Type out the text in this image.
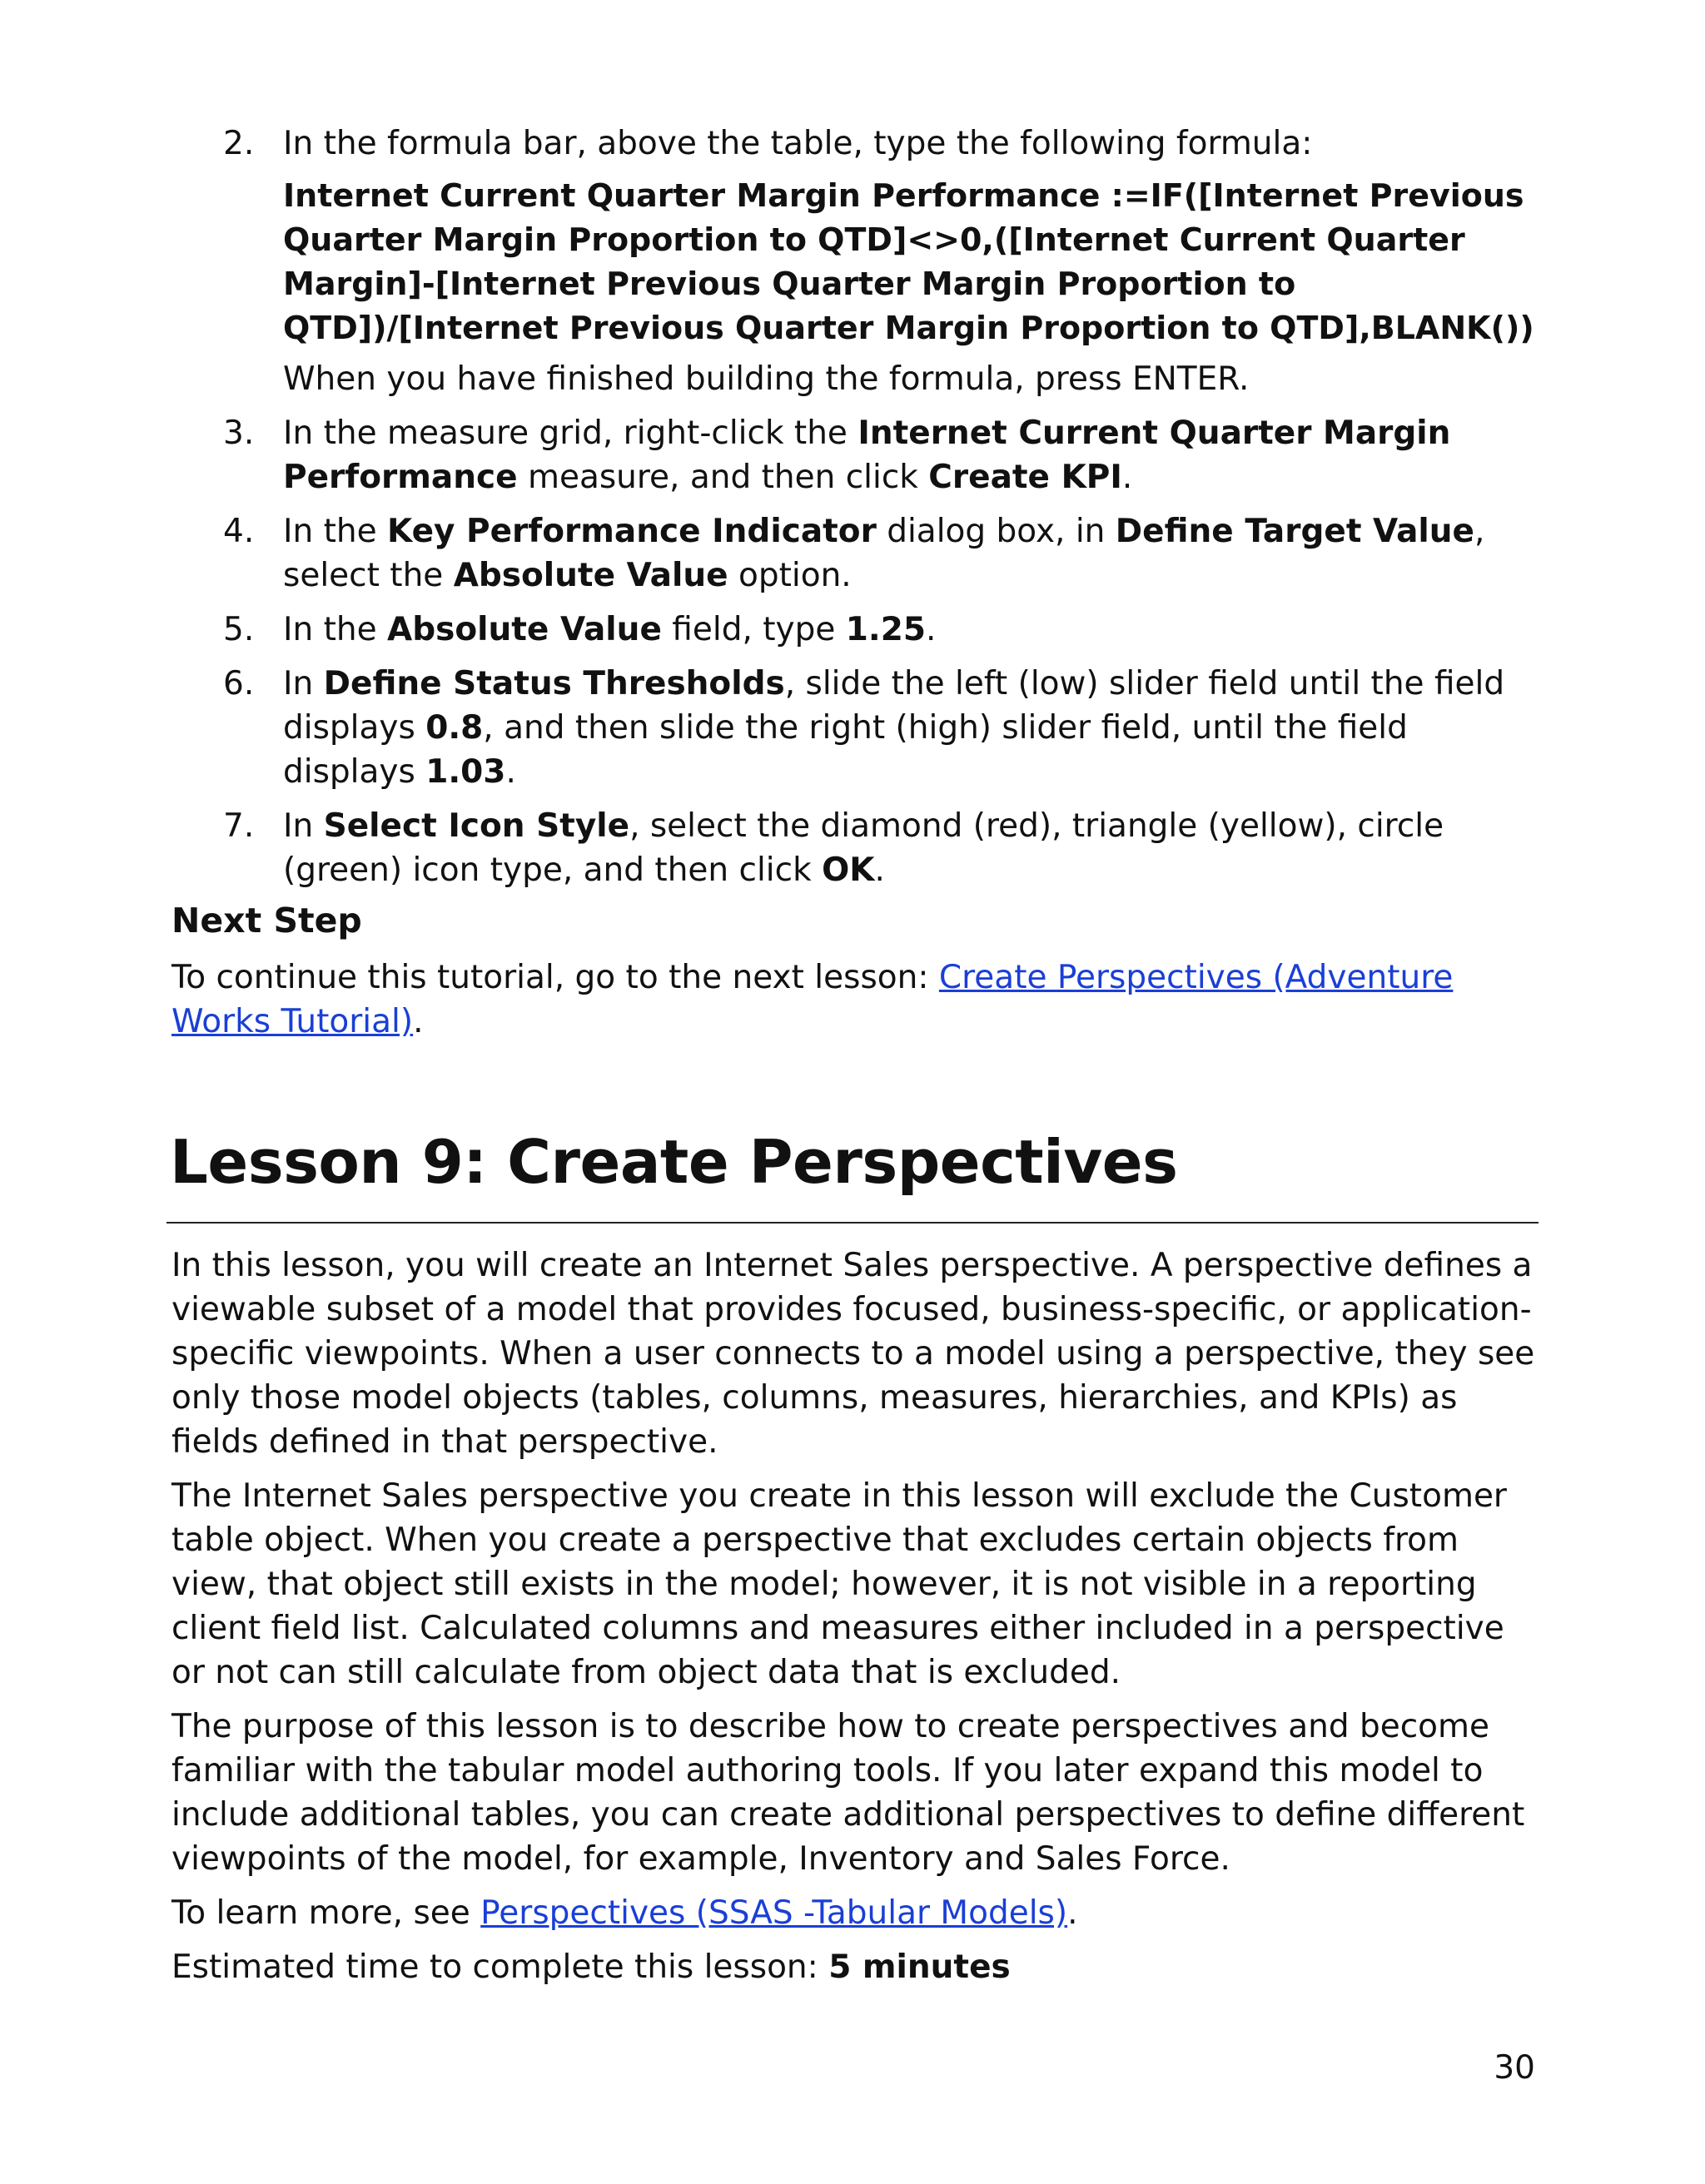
2. In the formula bar, above the table, type the following formula:
Internet Current Quarter Margin Performance :=IF([Internet Previous Quarter Margin Proportion to QTD]<>0,([Internet Current Quarter Margin]-[Internet Previous Quarter Margin Proportion to QTD])/[Internet Previous Quarter Margin Proportion to QTD],BLANK())
When you have finished building the formula, press ENTER.
3. In the measure grid, right-click the Internet Current Quarter Margin Performance measure, and then click Create KPI.
4. In the Key Performance Indicator dialog box, in Define Target Value, select the Absolute Value option.
5. In the Absolute Value field, type 1.25.
6. In Define Status Thresholds, slide the left (low) slider field until the field displays 0.8, and then slide the right (high) slider field, until the field displays 1.03.
7. In Select Icon Style, select the diamond (red), triangle (yellow), circle (green) icon type, and then click OK.
Next Step

To continue this tutorial, go to the next lesson: Create Perspectives (Adventure Works Tutorial).

Lesson 9: Create Perspectives

In this lesson, you will create an Internet Sales perspective. A perspective defines a viewable subset of a model that provides focused, business-specific, or application-specific viewpoints. When a user connects to a model using a perspective, they see only those model objects (tables, columns, measures, hierarchies, and KPIs) as fields defined in that perspective.

The Internet Sales perspective you create in this lesson will exclude the Customer table object. When you create a perspective that excludes certain objects from view, that object still exists in the model; however, it is not visible in a reporting client field list. Calculated columns and measures either included in a perspective or not can still calculate from object data that is excluded.

The purpose of this lesson is to describe how to create perspectives and become familiar with the tabular model authoring tools. If you later expand this model to include additional tables, you can create additional perspectives to define different viewpoints of the model, for example, Inventory and Sales Force.

To learn more, see Perspectives (SSAS -Tabular Models).

Estimated time to complete this lesson: 5 minutes

30
